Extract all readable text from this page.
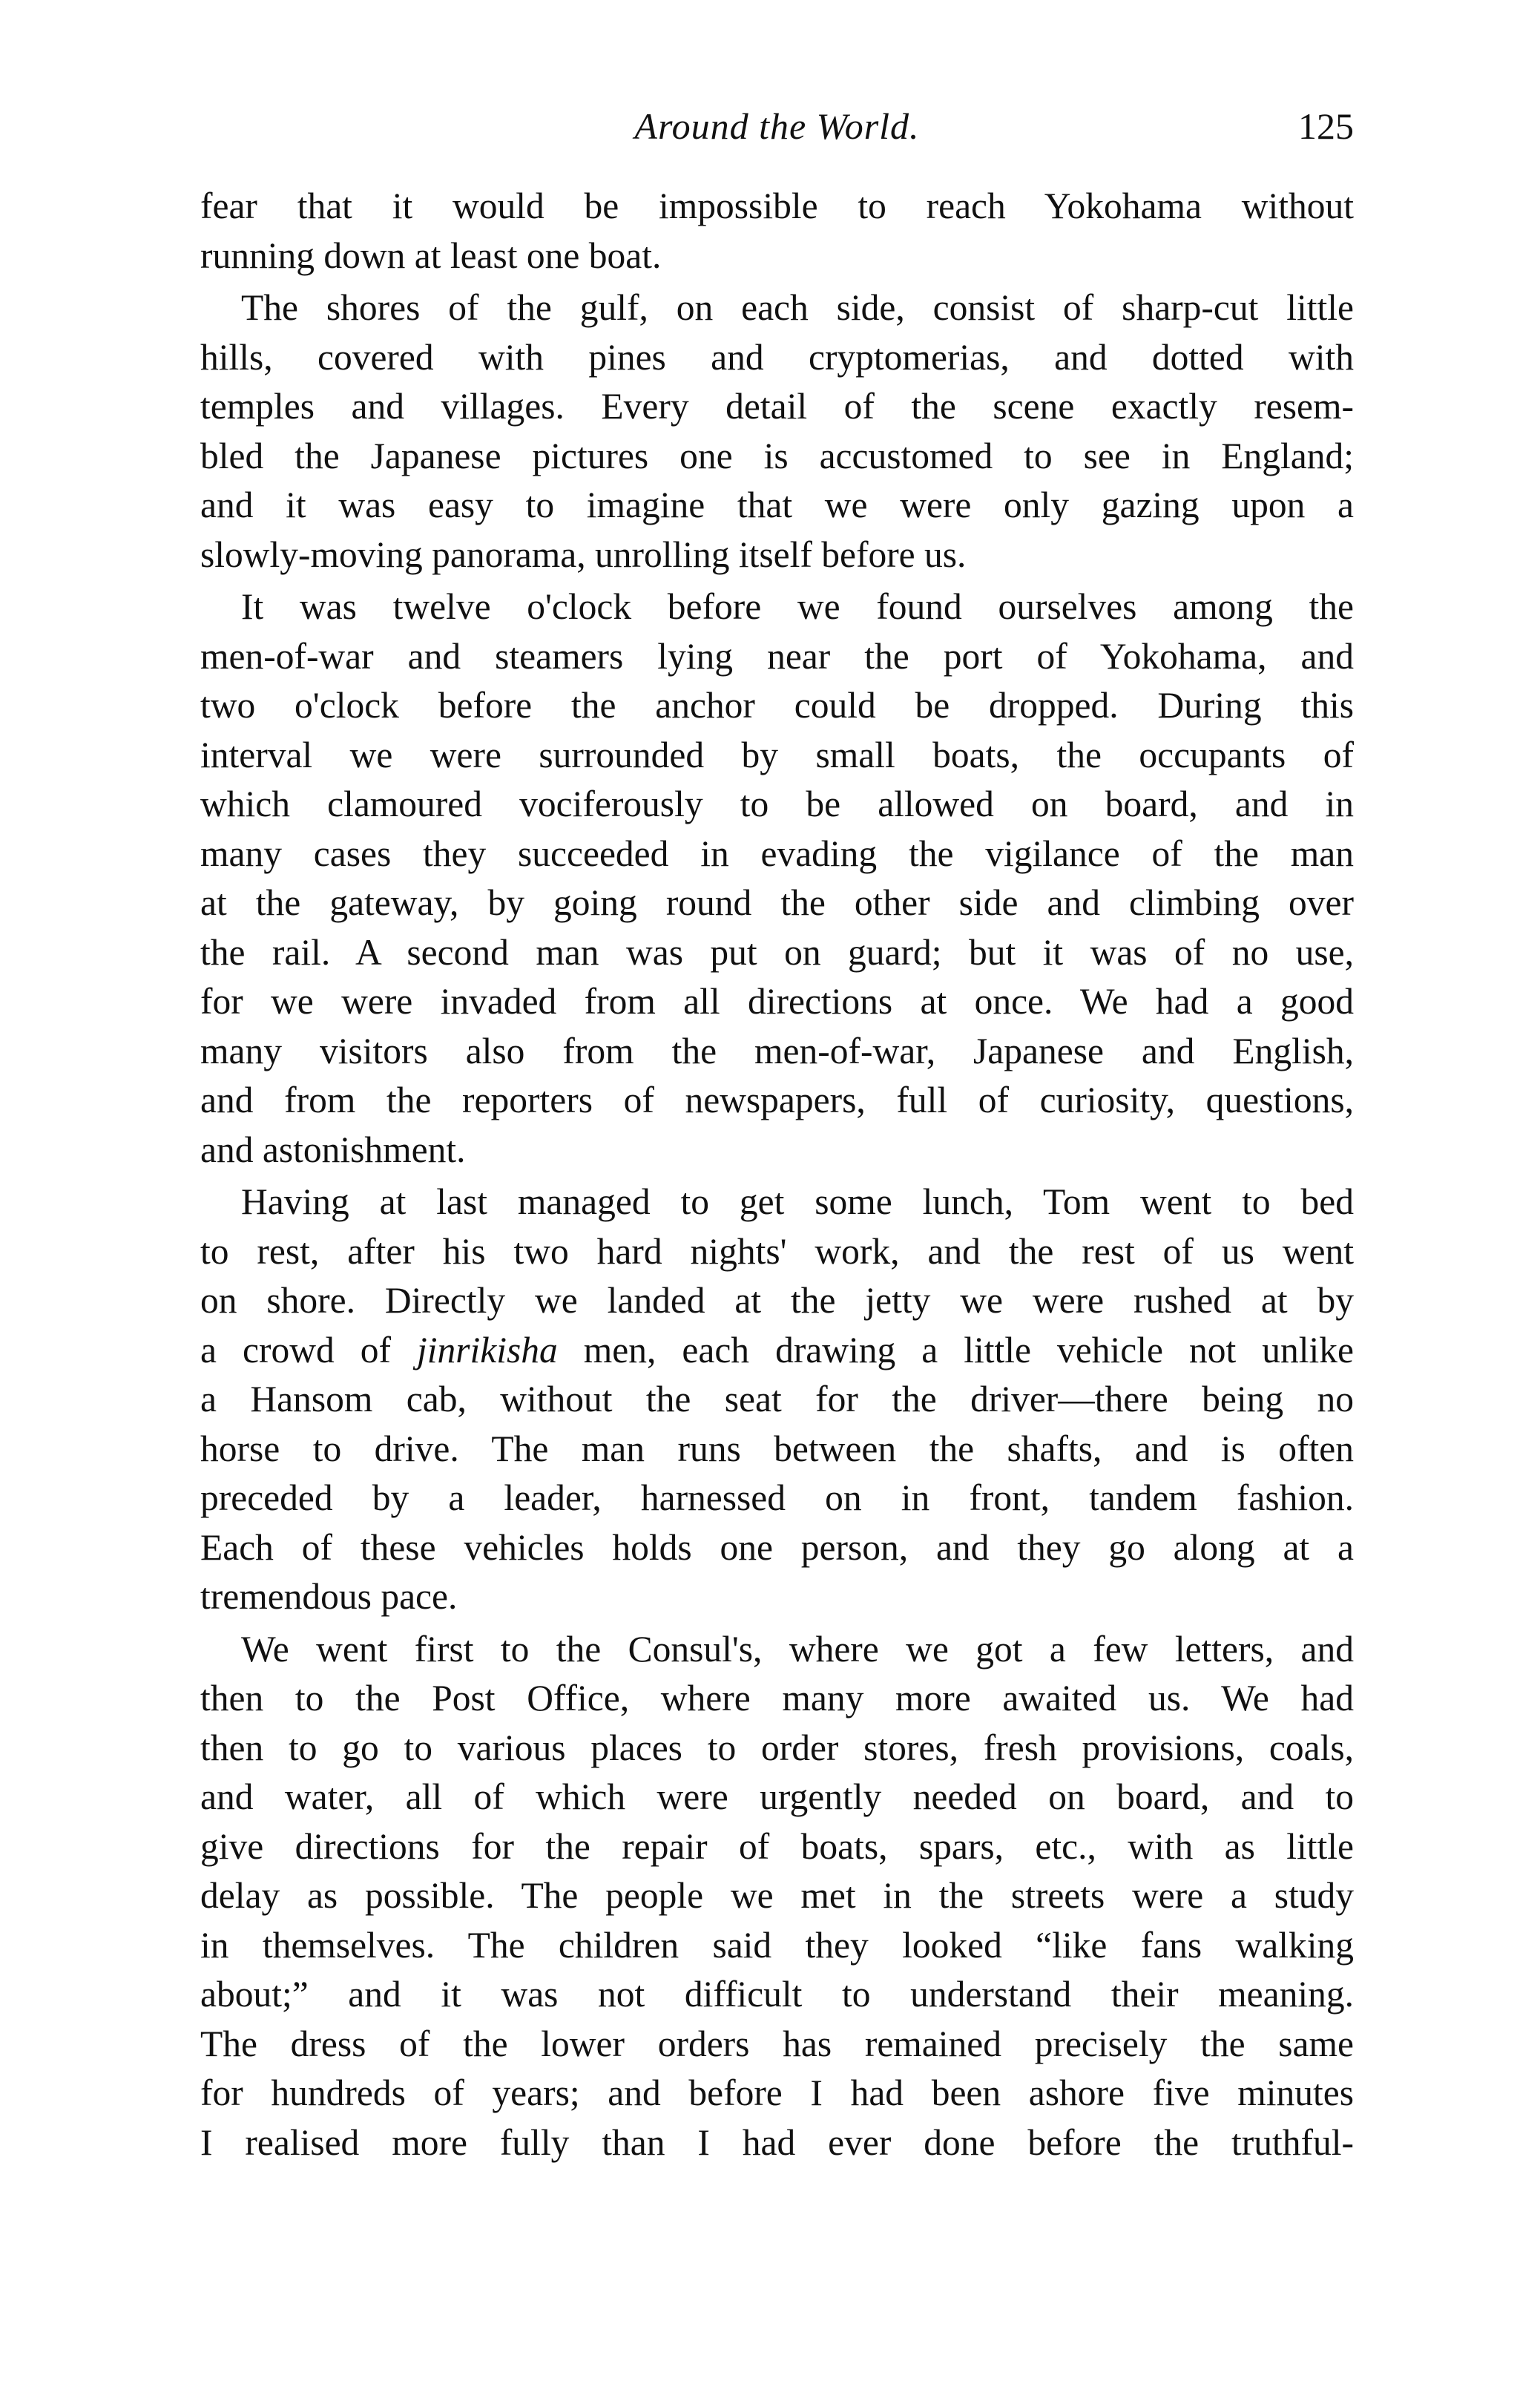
Around the World.	125
fear that it would be impossible to reach Yokohama without
running down at least one boat.
The shores of the gulf, on each side, consist of sharp-cut little
hills, covered with pines and cryptomerias, and dotted with
temples and villages. Every detail of the scene exactly resem-
bled the Japanese pictures one is accustomed to see in England;
and it was easy to imagine that we were only gazing upon a
slowly-moving panorama, unrolling itself before us.
It was twelve o'clock before we found ourselves among the
men-of-war and steamers lying near the port of Yokohama, and
two o'clock before the anchor could be dropped. During this
interval we were surrounded by small boats, the occupants of
which clamoured vociferously to be allowed on board, and in
many cases they succeeded in evading the vigilance of the man
at the gateway, by going round the other side and climbing over
the rail. A second man was put on guard; but it was of no use,
for we were invaded from all directions at once. We had a good
many visitors also from the men-of-war, Japanese and English,
and from the reporters of newspapers, full of curiosity, questions,
and astonishment.
Having at last managed to get some lunch, Tom went to bed
to rest, after his two hard nights' work, and the rest of us went
on shore. Directly we landed at the jetty we were rushed at by
a crowd of jinrikisha men, each drawing a little vehicle not unlike
a Hansom cab, without the seat for the driver—there being no
horse to drive. The man runs between the shafts, and is often
preceded by a leader, harnessed on in front, tandem fashion.
Each of these vehicles holds one person, and they go along at a
tremendous pace.
We went first to the Consul's, where we got a few letters, and
then to the Post Office, where many more awaited us. We had
then to go to various places to order stores, fresh provisions, coals,
and water, all of which were urgently needed on board, and to
give directions for the repair of boats, spars, etc., with as little
delay as possible. The people we met in the streets were a study
in themselves. The children said they looked “like fans walking
about;” and it was not difficult to understand their meaning.
The dress of the lower orders has remained precisely the same
for hundreds of years; and before I had been ashore five minutes
I realised more fully than I had ever done before the truthful-
